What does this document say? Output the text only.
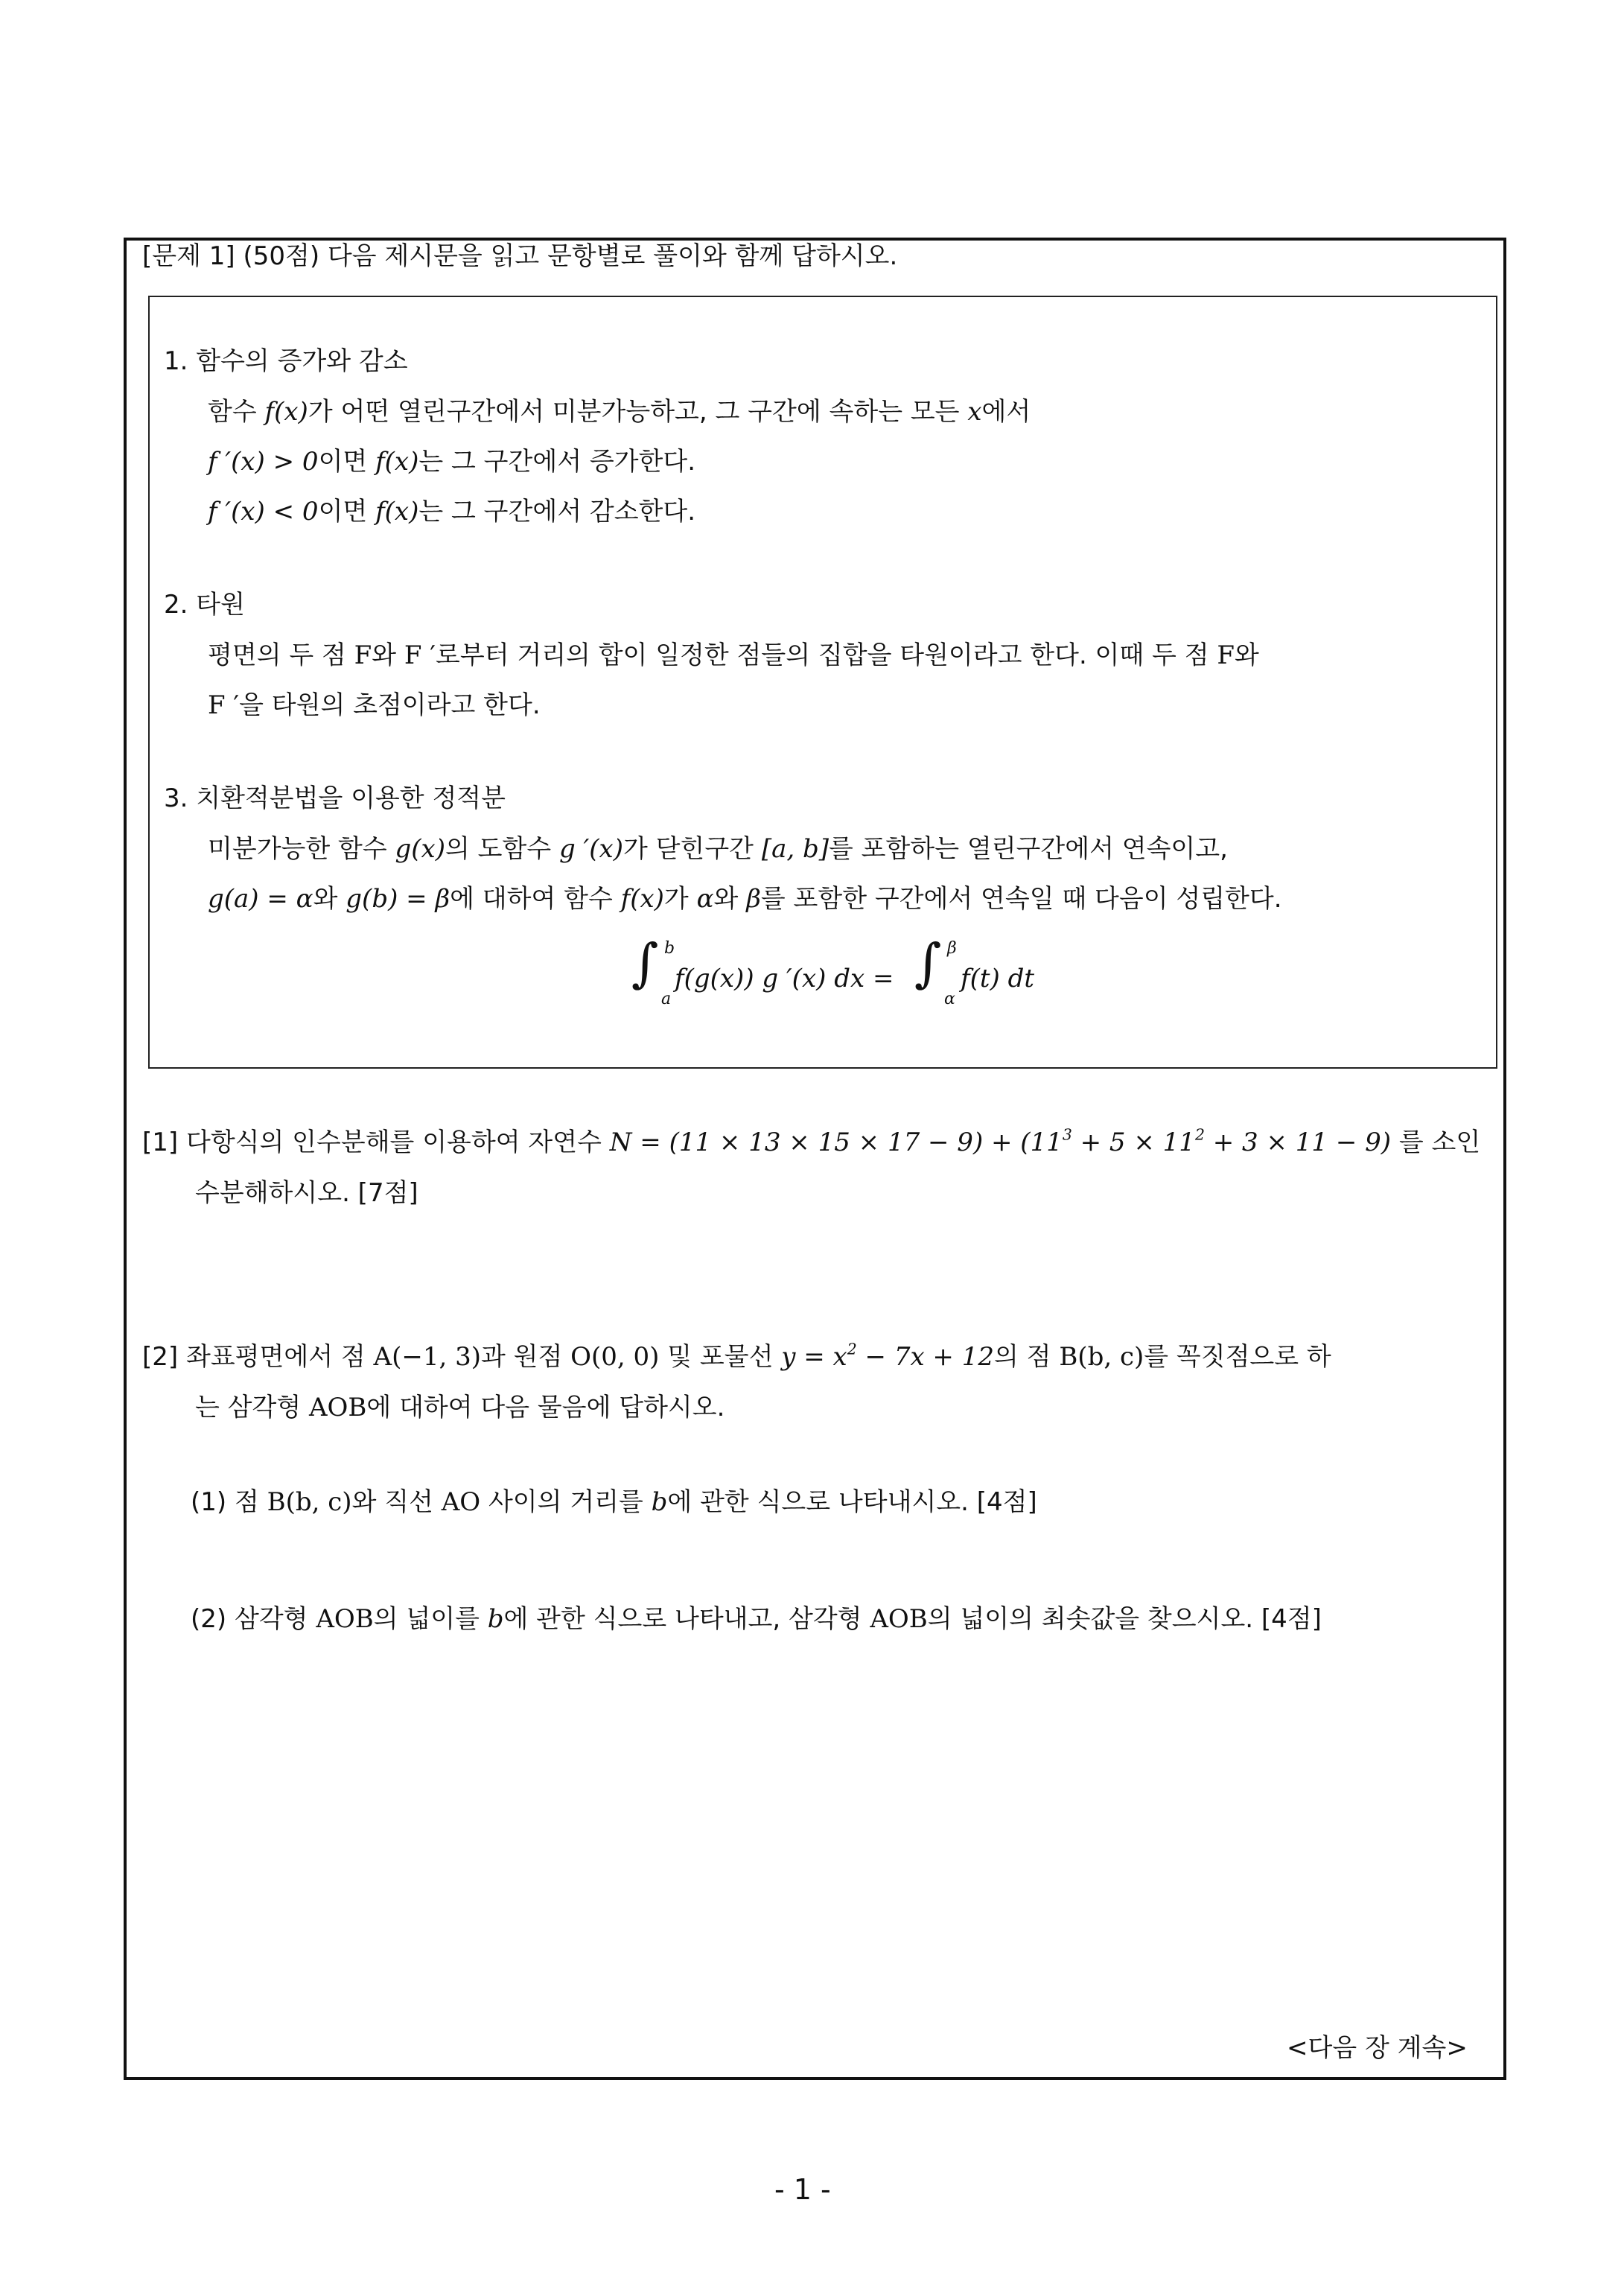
[문제 1] (50점) 다음 제시문을 읽고 문항별로 풀이와 함께 답하시오.
1. 함수의 증가와 감소
함수 f(x)가 어떤 열린구간에서 미분가능하고, 그 구간에 속하는 모든 x에서
f ′(x) > 0이면 f(x)는 그 구간에서 증가한다.
f ′(x) < 0이면 f(x)는 그 구간에서 감소한다.
2. 타원
평면의 두 점 F와 F ′로부터 거리의 합이 일정한 점들의 집합을 타원이라고 한다. 이때 두 점 F와
F ′을 타원의 초점이라고 한다.
3. 치환적분법을 이용한 정적분
미분가능한 함수 g(x)의 도함수 g ′(x)가 닫힌구간 [a, b]를 포함하는 열린구간에서 연속이고,
g(a) = α와 g(b) = β에 대하여 함수 f(x)가 α와 β를 포함한 구간에서 연속일 때 다음이 성립한다.
∫ b
a
f(g(x)) g ′(x) dx = ∫ β
α
f(t) dt
[1] 다항식의 인수분해를 이용하여 자연수 $N = (11 \times 13 \times 15 \times 17 - 9) + (11^3 + 5 \times 11^2 + 3 \times 11 - 9)$ 를 소인
수분해하시오. [7점]
[2] 좌표평면에서 점 A(−1, 3)과 원점 O(0, 0) 및 포물선 $y = x^2 - 7x + 12$의 점 B(b, c)를 꼭짓점으로 하
는 삼각형 AOB에 대하여 다음 물음에 답하시오.
(1) 점 B(b, c)와 직선 AO 사이의 거리를 b에 관한 식으로 나타내시오. [4점]
(2) 삼각형 AOB의 넓이를 b에 관한 식으로 나타내고, 삼각형 AOB의 넓이의 최솟값을 찾으시오. [4점]
<다음 장 계속>
- 1 -
